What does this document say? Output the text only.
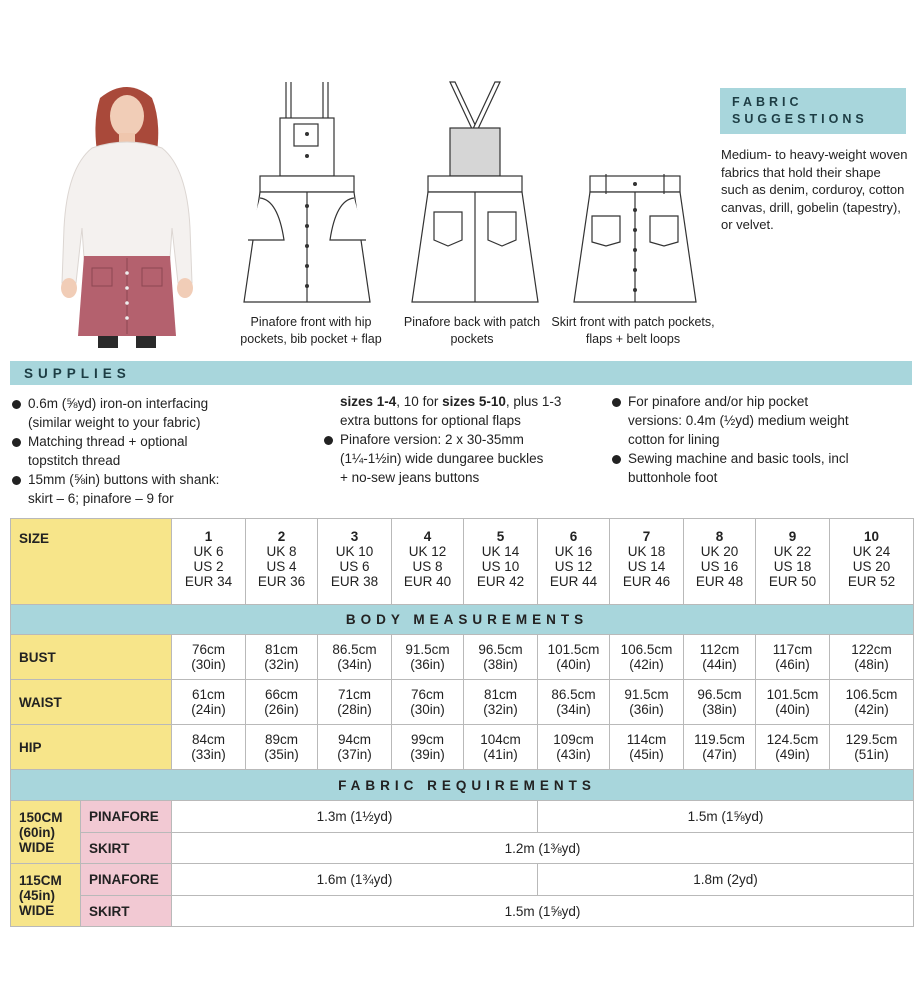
Pinafore front with hip pockets, bib pocket + flap
Pinafore back with patch pockets
Skirt front with patch pockets, flaps + belt loops
FABRIC
SUGGESTIONS
Medium- to heavy-weight woven fabrics that hold their shape such as denim, corduroy, cotton canvas, drill, gobelin (tapestry), or velvet.
SUPPLIES
0.6m (⅝yd) iron-on interfacing
(similar weight to your fabric)
Matching thread + optional
topstitch thread
15mm (⅝in) buttons with shank:
skirt – 6; pinafore – 9 for
sizes 1-4, 10 for sizes 5-10, plus 1-3
extra buttons for optional flaps
Pinafore version: 2 x 30-35mm
(1¼-1½in) wide dungaree buckles
+ no-sew jeans buttons
For pinafore and/or hip pocket
versions: 0.4m (½yd) medium weight
cotton for lining
Sewing machine and basic tools, incl
buttonhole foot
SIZE		1
UK 6
US 2
EUR 34	2
UK 8
US 4
EUR 36	3
UK 10
US 6
EUR 38	4
UK 12
US 8
EUR 40	5
UK 14
US 10
EUR 42	6
UK 16
US 12
EUR 44	7
UK 18
US 14
EUR 46	8
UK 20
US 16
EUR 48	9
UK 22
US 18
EUR 50	10
UK 24
US 20
EUR 52
BODY MEASUREMENTS											
BUST		76cm
(30in)	81cm
(32in)	86.5cm
(34in)	91.5cm
(36in)	96.5cm
(38in)	101.5cm
(40in)	106.5cm
(42in)	112cm
(44in)	117cm
(46in)	122cm
(48in)
WAIST		61cm
(24in)	66cm
(26in)	71cm
(28in)	76cm
(30in)	81cm
(32in)	86.5cm
(34in)	91.5cm
(36in)	96.5cm
(38in)	101.5cm
(40in)	106.5cm
(42in)
HIP		84cm
(33in)	89cm
(35in)	94cm
(37in)	99cm
(39in)	104cm
(41in)	109cm
(43in)	114cm
(45in)	119.5cm
(47in)	124.5cm
(49in)	129.5cm
(51in)
FABRIC REQUIREMENTS											
150CM
(60in)
WIDE	PINAFORE	1.3m (1½yd)					1.5m (1⅝yd)				
	SKIRT	1.2m (1⅜yd)									
115CM
(45in)
WIDE	PINAFORE	1.6m (1¾yd)					1.8m (2yd)				
	SKIRT	1.5m (1⅝yd)									
